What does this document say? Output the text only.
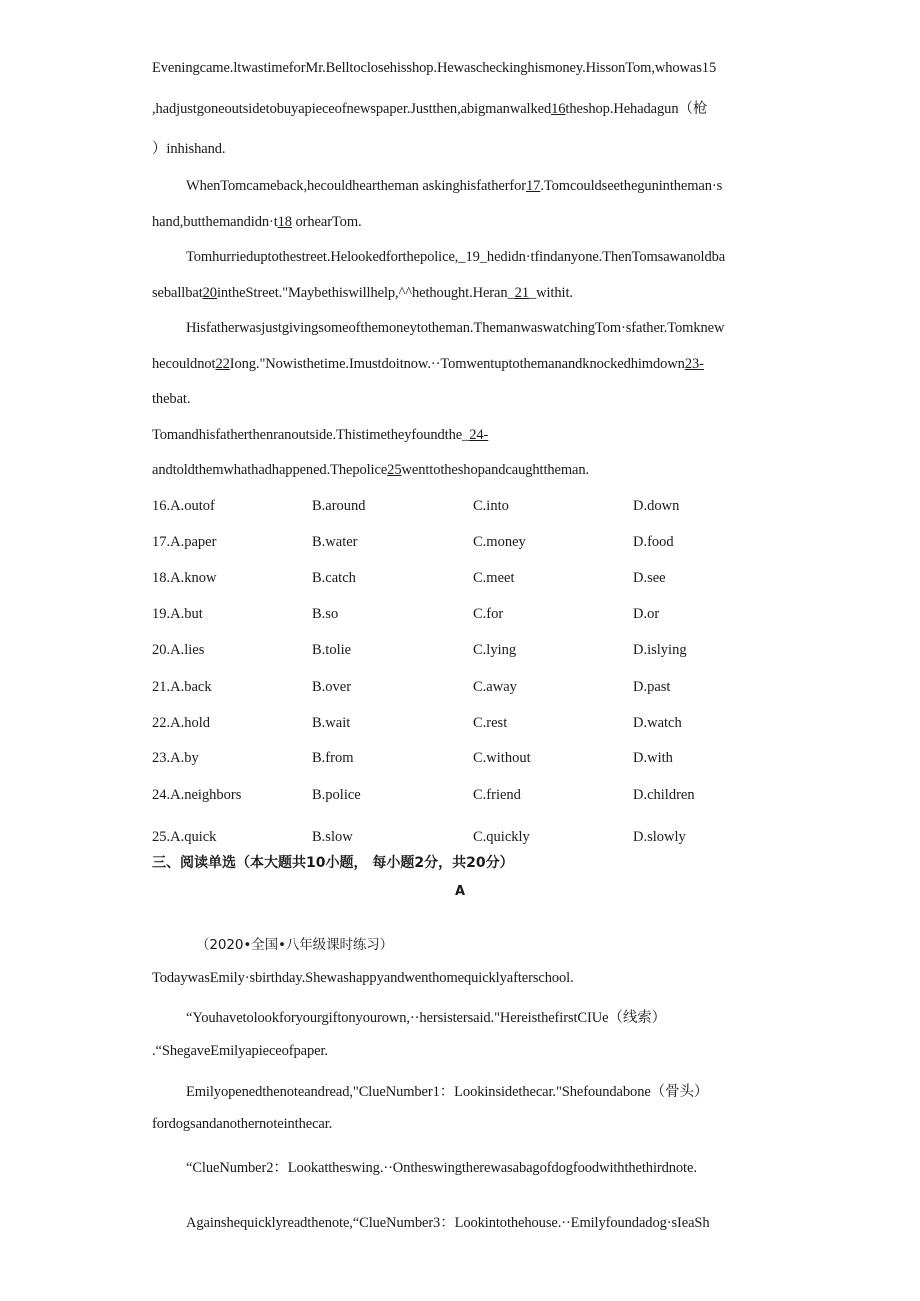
Eveningcame.ltwastimeforMr.Belltoclosehisshop.Hewascheckinghismoney.HissonTom,whowas15
,hadjustgoneoutsidetobuyapieceofnewspaper.Justthen,abigmanwalked16theshop.Hehadagun（枪
）inhishand.
WhenTomcameback,hecouldheartheman askinghisfatherfor17.Tomcouldseethegunintheman·s
hand,butthemandidn·t18 orhearTom.
Tomhurrieduptothestreet.Helookedforthepolice,_19_hedidn·tfindanyone.ThenTomsawanoldba
seballbat20intheStreet."Maybethiswillhelp,^^hethought.Heran_21_withit.
Hisfatherwasjustgivingsomeofthemoneytotheman.ThemanwaswatchingTom·sfather.Tomknew
hecouldnot22Iong."Nowisthetime.Imustdoitnow.··Tomwentuptothemanandknockedhimdown23-
thebat.
Tomandhisfatherthenranoutside.Thistimetheyfoundthe_24-
andtoldthemwhathadhappened.Thepolice25wenttotheshopandcaughttheman.
16.A.outof	B.around	C.into	D.down
17.A.paper	B.water	C.money	D.food
18.A.know	B.catch	C.meet	D.see
19.A.but	B.so	C.for	D.or
20.A.lies	B.tolie	C.lying	D.islying
21.A.back	B.over	C.away	D.past
22.A.hold	B.wait	C.rest	D.watch
23.A.by	B.from	C.without	D.with
24.A.neighbors	B.police	C.friend	D.children
25.A.quick	B.slow	C.quickly	D.slowly
三、阅读单选（本大题共10小题， 每小题2分，共20分）
A
（2020•全国•八年级课时练习）
TodaywasEmily·sbirthday.Shewashappyandwenthomequicklyafterschool.
“Youhavetolookforyourgiftonyourown,··hersistersaid."HereisthefirstCIUe（线索）
.“ShegaveEmilyapieceofpaper.
Emilyopenedthenoteandread,"ClueNumber1：Lookinsidethecar."Shefoundabone（骨头）
fordogsandanothernoteinthecar.
“ClueNumber2：Lookattheswing.··Ontheswingtherewasabagofdogfoodwiththethirdnote.
Againshequicklyreadthenote,“ClueNumber3：Lookintothehouse.··Emilyfoundadog·sIeaSh
